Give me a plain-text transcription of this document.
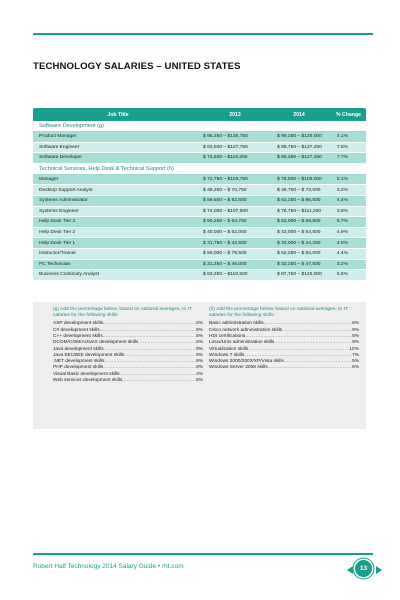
TECHNOLOGY SALARIES – UNITED STATES
Job Title	2013	2014	% Change
Software Development (g)
Product Manager	$ 95,250 – $135,750	$ 99,250 – $136,000	4.1%
Software Engineer	$ 83,500 – $127,750	$ 89,750 – $137,250	7.5%
Software Developer	$ 74,500 – $119,250	$ 80,250 – $127,250	7.7%
Technical Services, Help Desk & Technical Support (h)
Manager	$ 72,750 – $103,750	$ 76,500 – $109,000	5.1%
Desktop Support Analyst	$ 48,250 – $ 70,750	$ 49,750 – $ 73,000	3.2%
Systems Administrator	$ 59,500 – $ 92,500	$ 62,250 – $ 96,500	4.4%
Systems Engineer	$ 74,000 – $107,500	$ 76,750 – $111,250	3.6%
Help Desk Tier 3	$ 50,250 – $ 64,750	$ 53,000 – $ 68,500	5.7%
Help Desk Tier 2	$ 40,000 – $ 52,000	$ 42,000 – $ 54,500	4.9%
Help Desk Tier 1	$ 31,750 – $ 42,500	$ 33,000 – $ 44,250	4.0%
Instructor/Trainer	$ 50,000 – $ 78,500	$ 52,250 – $ 82,000	4.4%
PC Technician	$ 31,250 – $ 46,000	$ 32,250 – $ 47,500	3.2%
Business Continuity Analyst	$ 83,250 – $118,500	$ 87,750 – $125,000	5.5%
(g) Add the percentage below, based on national averages, to IT salaries for the following skills:
ASP development skills .....	5%
C# development skills .....	9%
C++ development skills .....	5%
DCOM/COM/ActiveX development skills .....	5%
Java development skills .....	9%
Java EE/J2EE development skills .....	9%
.NET development skills .....	9%
PHP development skills .....	9%
Visual Basic development skills .....	4%
Web services development skills .....	8%
(h) Add the percentage below, based on national averages, to IT salaries for the following skills:
Basic administration skills .....	5%
Cisco network administration skills .....	9%
HDI certifications .....	5%
Linux/Unix administration skills .....	9%
Virtualization skills .....	10%
Windows 7 skills .....	7%
Windows 2000/2003/XP/Vista skills .....	5%
Windows Server 2008 skills .....	6%
Robert Half Technology 2014 Salary Guide • rht.com	13
